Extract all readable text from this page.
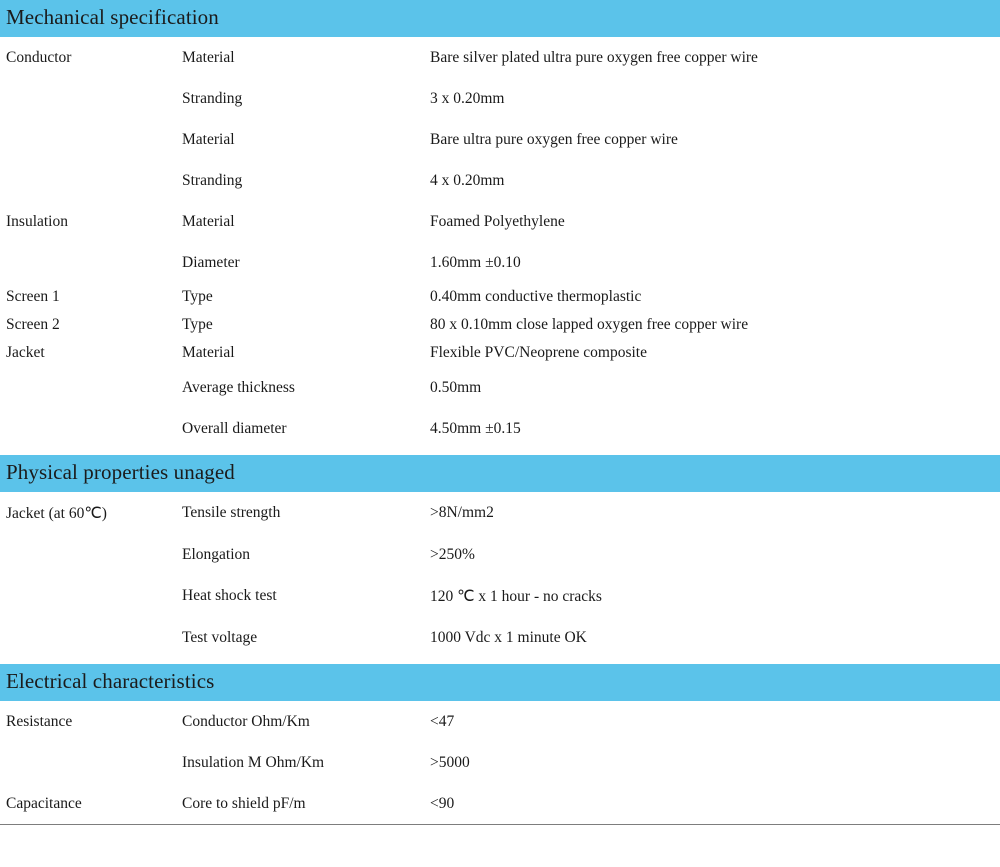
Mechanical specification
Conductor	Material	Bare silver plated ultra pure oxygen free copper wire

	Stranding	3 x 0.20mm

	Material	Bare ultra pure oxygen free copper wire

	Stranding	4 x 0.20mm

Insulation	Material	Foamed Polyethylene

	Diameter	1.60mm ±0.10

Screen 1	Type	0.40mm conductive thermoplastic

Screen 2	Type	80 x 0.10mm close lapped oxygen free copper wire

Jacket	Material	Flexible PVC/Neoprene composite

	Average thickness	0.50mm

	Overall diameter	4.50mm ±0.15
Physical properties unaged
Jacket (at 60℃)	Tensile strength	>8N/mm2

	Elongation	>250%

	Heat shock test	120 ℃ x 1 hour - no cracks

	Test voltage	1000 Vdc x 1 minute OK
Electrical characteristics
Resistance	Conductor Ohm/Km	<47

	Insulation M Ohm/Km	>5000

Capacitance	Core to shield pF/m	<90
